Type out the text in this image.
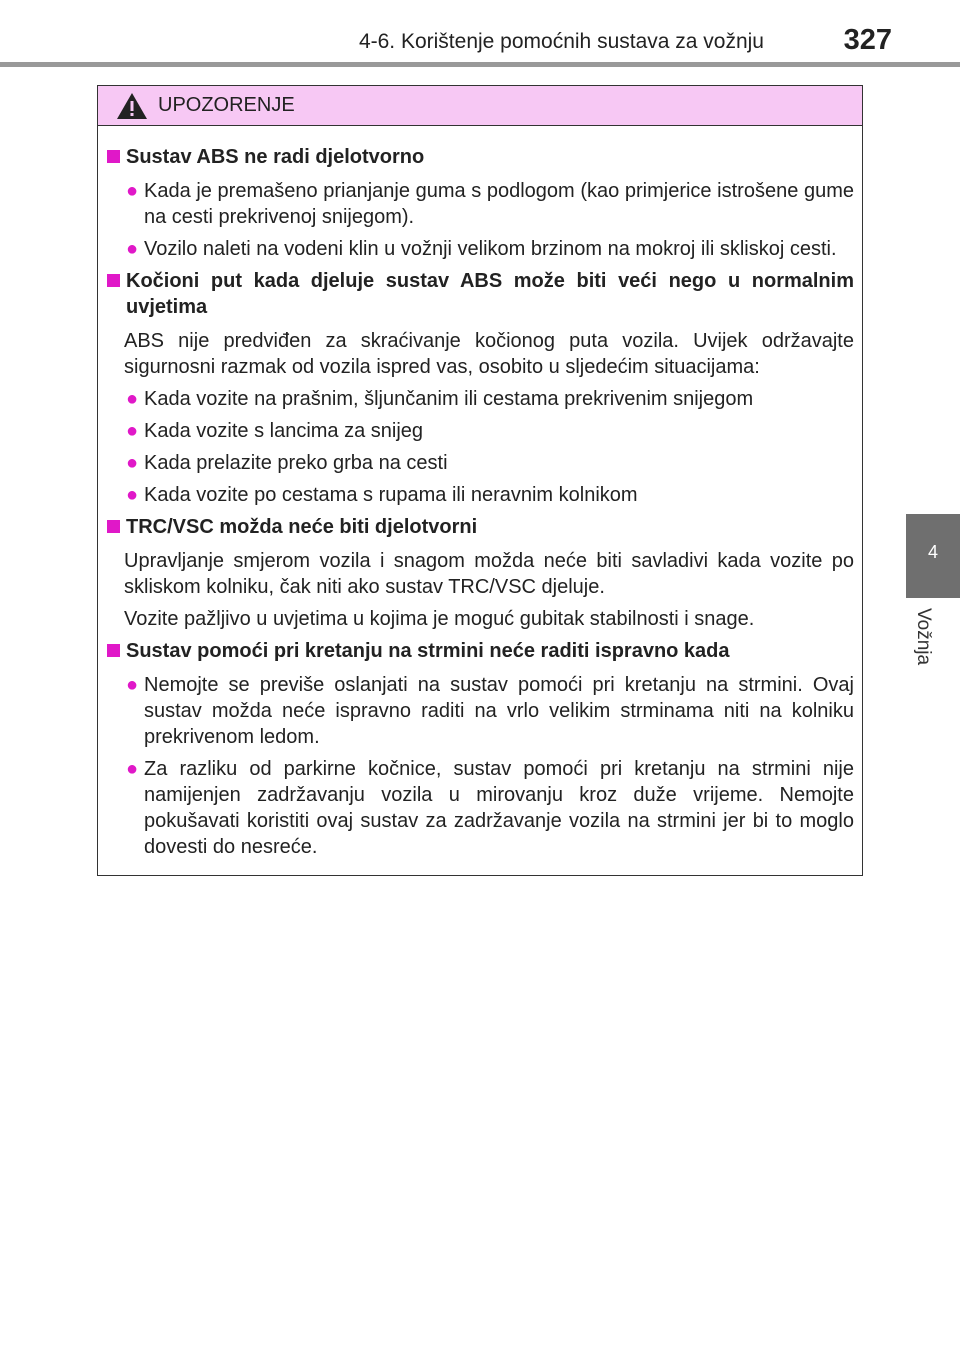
4-6. Korištenje pomoćnih sustava za vožnju	327
4
Vožnja
UPOZORENJE
Sustav ABS ne radi djelotvorno
● Kada je premašeno prianjanje guma s podlogom (kao primjerice istrošene gume na cesti prekrivenoj snijegom).
● Vozilo naleti na vodeni klin u vožnji velikom brzinom na mokroj ili skliskoj cesti.
Kočioni put kada djeluje sustav ABS može biti veći nego u normalnim uvjetima
ABS nije predviđen za skraćivanje kočionog puta vozila. Uvijek održavajte sigurnosni razmak od vozila ispred vas, osobito u sljedećim situacijama:
● Kada vozite na prašnim, šljunčanim ili cestama prekrivenim snijegom
● Kada vozite s lancima za snijeg
● Kada prelazite preko grba na cesti
● Kada vozite po cestama s rupama ili neravnim kolnikom
TRC/VSC možda neće biti djelotvorni
Upravljanje smjerom vozila i snagom možda neće biti savladivi kada vozite po skliskom kolniku, čak niti ako sustav TRC/VSC djeluje.
Vozite pažljivo u uvjetima u kojima je moguć gubitak stabilnosti i snage.
Sustav pomoći pri kretanju na strmini neće raditi ispravno kada
● Nemojte se previše oslanjati na sustav pomoći pri kretanju na strmini. Ovaj sustav možda neće ispravno raditi na vrlo velikim strminama niti na kolniku prekrivenom ledom.
● Za razliku od parkirne kočnice, sustav pomoći pri kretanju na strmini nije namijenjen zadržavanju vozila u mirovanju kroz duže vrijeme. Nemojte pokušavati koristiti ovaj sustav za zadržavanje vozila na strmini jer bi to moglo dovesti do nesreće.
